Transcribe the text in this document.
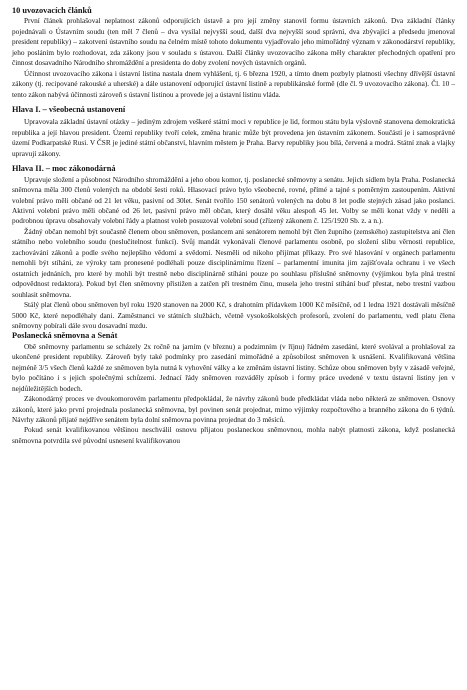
10 uvozovacích článků

První článek prohlašoval neplatnost zákonů odporujících ústavě a pro její změny stanovil formu ústavních zákonů. Dva základní články pojednávali o Ústavním soudu (ten měl 7 členů – dva vysílal nejvyšší soud, další dva nejvyšší soud správní, dva zbývající a předsedu jmenoval president republiky) – zakotvení ústavního soudu na čelném místě tohoto dokumentu vyjadřovalo jeho mimořádný význam v zákonodárství republiky, jeho posláním bylo rozhodovat, zda zákony jsou v souladu s ústavou. Další články uvozovacího zákona měly charakter přechodných opatření pro činnost dosavadního Národního shromáždění a presidenta do doby zvolení nových ústavních orgánů.

Účinnost uvozovacího zákona i ústavní listina nastala dnem vyhlášení, tj. 6 března 1920, a tímto dnem pozbyly platnosti všechny dřívější ústavní zákony (tj. recipované rakouské a uherské) a dále ustanovení odporující ústavní listině a republikánské formě (dle čl. 9 uvozovacího zákona). Čl. 10 – tento zákon nabývá účinnosti zároveň s ústavní listinou a provede jej a ústavní listinu vláda.

Hlava I. – všeobecná ustanovení

Upravovala základní ústavní otázky – jediným zdrojem veškeré státní moci v republice je lid, formou státu byla výslovně stanovena demokratická republika a její hlavou president. Území republiky tvoří celek, změna hranic může být provedena jen ústavním zákonem. Součástí je i samosprávné území Podkarpatské Rusi. V ČSR je jediné státní občanství, hlavním městem je Praha. Barvy republiky jsou bílá, červená a modrá. Státní znak a vlajky upravují zákony.

Hlava II. – moc zákonodárná

Upravuje složení a působnost Národního shromáždění a jeho obou komor, tj. poslanecké sněmovny a senátu. Jejich sídlem byla Praha. Poslanecká sněmovna měla 300 členů volených na období šesti roků. Hlasovací právo bylo všeobecné, rovné, přímé a tajné s poměrným zastoupením. Aktivní volební právo měli občané od 21 let věku, pasivní od 30let. Senát tvořilo 150 senátorů volených na dobu 8 let podle stejných zásad jako poslanci. Aktivní volební právo měli občané od 26 let, pasivní právo měl občan, který dosáhl věku alespoň 45 let. Volby se měli konat vždy v neděli a podrobnou úpravu obsahovaly volební řády a platnost voleb posuzoval volební soud (zřízený zákonem č. 125/1920 Sb. z. a n.).

Žádný občan nemohl být současně členem obou sněmoven, poslancem ani senátorem nemohl být člen župního (zemského) zastupitelstva ani člen státního nebo volebního soudu (neslučitelnost funkcí). Svůj mandát vykonávali členové parlamentu osobně, po složení slibu věrnosti republice, zachovávání zákonů a podle svého nejlepšího vědomí a svědomí. Nesměli od nikoho přijímat příkazy. Pro své hlasování v orgánech parlamentu nemohli být stíháni, ze výroky tam pronesené podléhali pouze disciplinárnímu řízení – parlamentní imunita jim zajišťovala ochranu i ve všech ostatních jednáních, pro které by mohli být trestně nebo disciplinárně stíháni pouze po souhlasu příslušné sněmovny (výjimkou byla plná trestní odpovědnost redaktora). Pokud byl člen sněmovny přistižen a zatčen při trestném činu, musela jeho trestní stíhání buď přestat, nebo trestní vazbou souhlasit sněmovna.

Stálý plat členů obou sněmoven byl roku 1920 stanoven na 2000 Kč, s drahotním přídavkem 1000 Kč měsíčně, od 1 ledna 1921 dostávali měsíčně 5000 Kč, které nepodléhaly dani. Zaměstnanci ve státních službách, včetně vysokoškolských profesorů, zvolení do parlamentu, vedl platu člena sněmovny pobírali dále svou dosavadní mzdu.

Poslanecká sněmovna a Senát

Obě sněmovny parlamentu se scházely 2x ročně na jarním (v březnu) a podzimním (v říjnu) řádném zasedání, které svolával a prohlašoval za ukončené president republiky. Zároveň byly také podmínky pro zasedání mimořádné a způsobilost sněmoven k usnášení. Kvalifikovaná většina nejméně 3/5 všech členů každé ze sněmoven byla nutná k vyhovění války a ke změnám ústavní listiny. Schůze obou sněmoven byly v zásadě veřejné, bylo počítáno i s jejich společnými schůzemi. Jednací řády sněmoven rozváděly způsob i formy práce uvedené v textu ústavní listiny jen v nejdůležitějších bodech.

Zákonodárný proces ve dvoukomorovém parlamentu předpokládal, že návrhy zákonů bude předkládat vláda nebo některá ze sněmoven. Osnovy zákonů, které jako první projednala poslanecká sněmovna, byl povinen senát projednat, mimo výjimky rozpočtového a branného zákona do 6 týdnů. Návrhy zákonů přijaté nejdříve senátem byla dolní sněmovna povinna projednat do 3 měsíců.

Pokud senát kvalifikovanou většinou neschválil osnovu přijatou poslaneckou sněmovnou, mohla nabýt platnosti zákona, když poslanecká sněmovna potvrdila své původní usnesení kvalifikovanou
